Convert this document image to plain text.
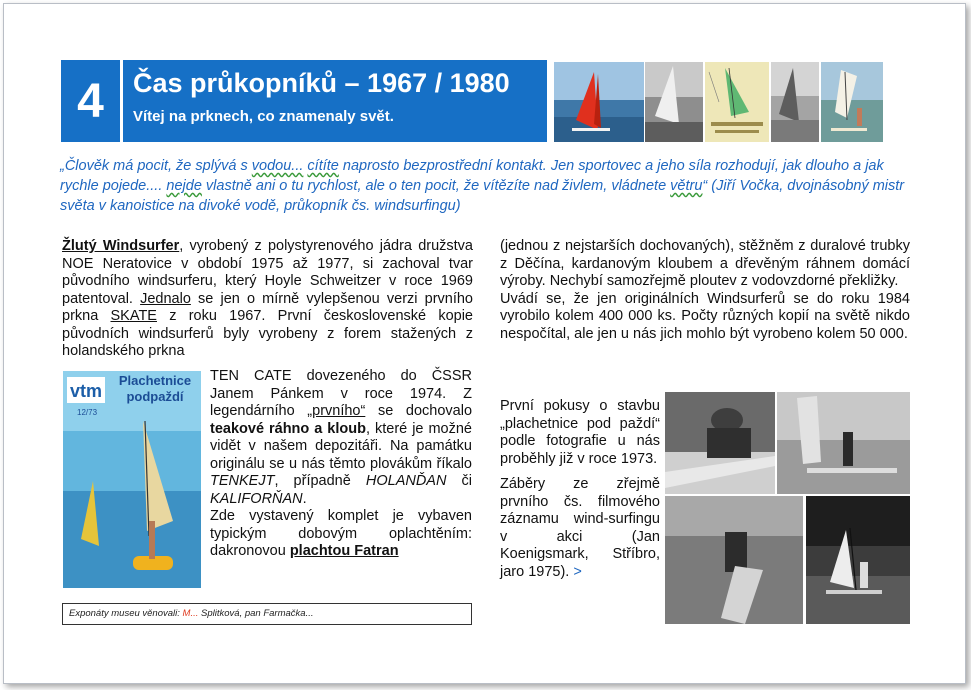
4	Čas průkopníků – 1967 / 1980
Vítej na prknech, co znamenaly svět.
„Člověk má pocit, že splývá s vodou... cítíte naprosto bezprostřední kontakt. Jen sportovec a jeho síla rozhodují, jak dlouho a jak rychle pojede.... nejde vlastně ani o tu rychlost, ale o ten pocit, že vítězíte nad živlem, vládnete větru“ (Jiří Vočka, dvojnásobný mistr světa v kanoistice na divoké vodě, průkopník čs. windsurfingu)
Žlutý Windsurfer, vyrobený z polystyrenového jádra družstva NOE Neratovice v období 1975 až 1977, si zachoval tvar původního windsurferu, který Hoyle Schweitzer v roce 1969 patentoval. Jednalo se jen o mírně vylepšenou verzi prvního prkna SKATE z roku 1967. První československé kopie původních windsurferů byly vyrobeny z forem stažených z holandského prkna
vtm
Plachetnice
podpaždí
12/73
TEN CATE dovezeného do ČSSR Janem Pánkem v roce 1974. Z legendárního „prvního“ se dochovalo teakové ráhno a kloub, které je možné vidět v našem depozitáři. Na památku originálu se u nás těmto plovákům říkalo TENKEJT, případně HOLANĎAN či KALIFORŇAN.
Zde vystavený komplet je vybaven typickým dobovým oplachtěním: dakronovou plachtou Fatran
Exponáty museu věnovali: M... Splitková, pan Farmačka...
(jednou z nejstarších dochovaných), stěžněm z duralové trubky z Děčína, kardanovým kloubem a dřevěným ráhnem domácí výroby. Nechybí samozřejmě ploutev z vodovzdorné překližky.
Uvádí se, že jen originálních Windsurferů se do roku 1984 vyrobilo kolem 400 000 ks. Počty různých kopií na světě nikdo nespočítal, ale jen u nás jich mohlo být vyrobeno kolem 50 000.
První pokusy o stavbu „plachetnice pod paždí“ podle fotografie u nás proběhly již v roce 1973.
Záběry ze zřejmě prvního čs. filmového záznamu wind-surfingu v akci (Jan Koenigsmark, Stříbro, jaro 1975). >
